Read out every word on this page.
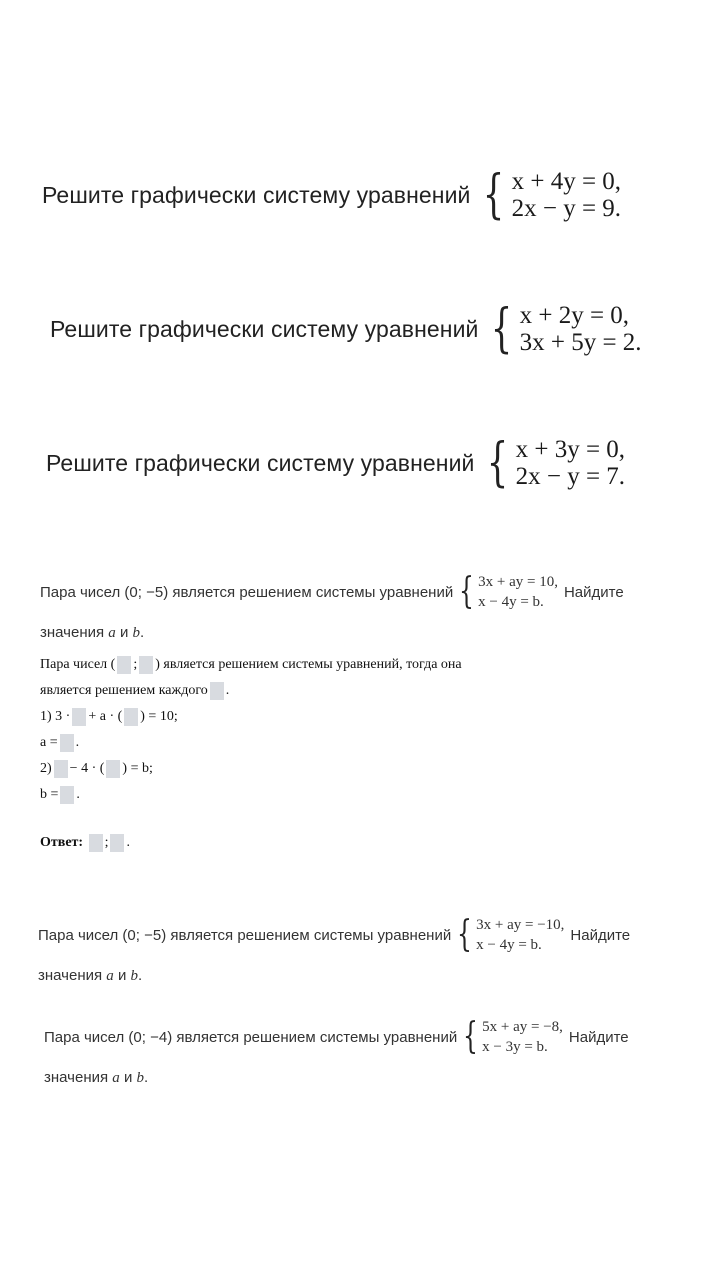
Решите графически систему уравнений { x + 4y = 0,
2x − y = 9.
Решите графически систему уравнений { x + 2y = 0,
3x + 5y = 2.
Решите графически систему уравнений { x + 3y = 0,
2x − y = 7.
Пара чисел (0; −5) является решением системы уравнений { 3x + ay = 10,
x − 4y = b.
Найдите
значения a и b.
Пара чисел ( ; ) является решением системы уравнений, тогда она
является решением каждого .
1) 3 · + a · ( ) = 10;
a = .
2) − 4 · ( ) = b;
b = .
Ответ: ; .
Пара чисел (0; −5) является решением системы уравнений { 3x + ay = −10,
x − 4y = b.
Найдите
значения a и b.
Пара чисел (0; −4) является решением системы уравнений { 5x + ay = −8,
x − 3y = b.
Найдите
значения a и b.
